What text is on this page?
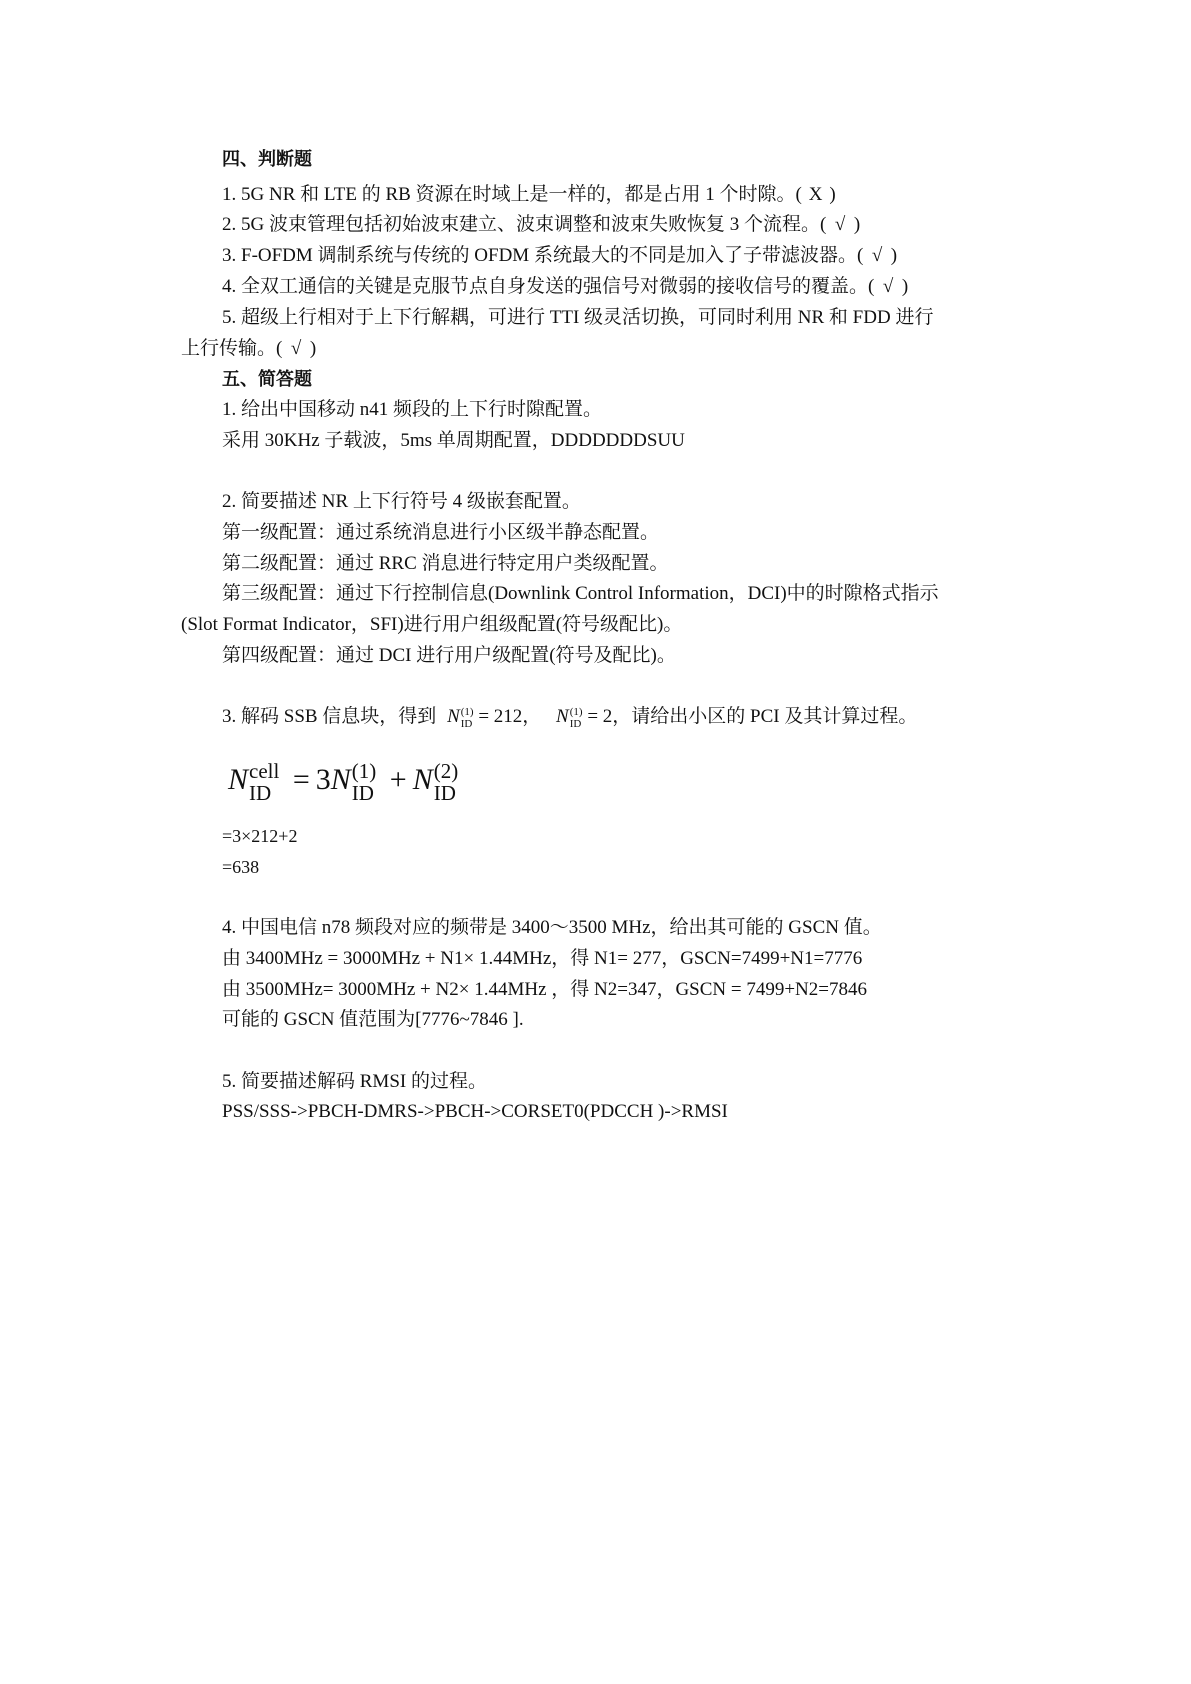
四、判断题
1. 5G NR 和 LTE 的 RB 资源在时域上是一样的，都是占用 1 个时隙。( X )
2. 5G 波束管理包括初始波束建立、波束调整和波束失败恢复 3 个流程。( √ )
3. F-OFDM 调制系统与传统的 OFDM 系统最大的不同是加入了子带滤波器。( √ )
4. 全双工通信的关键是克服节点自身发送的强信号对微弱的接收信号的覆盖。( √ )
5. 超级上行相对于上下行解耦，可进行 TTI 级灵活切换，可同时利用 NR 和 FDD 进行
上行传输。( √ )
五、简答题
1. 给出中国移动 n41 频段的上下行时隙配置。
采用 30KHz 子载波，5ms 单周期配置，DDDDDDDSUU
2. 简要描述 NR 上下行符号 4 级嵌套配置。
第一级配置：通过系统消息进行小区级半静态配置。
第二级配置：通过 RRC 消息进行特定用户类级配置。
第三级配置：通过下行控制信息(Downlink Control Information，DCI)中的时隙格式指示
(Slot Format Indicator，SFI)进行用户组级配置(符号级配比)。
第四级配置：通过 DCI 进行用户级配置(符号及配比)。
3. 解码 SSB 信息块，得到 N (1)
ID = 212， N (1)
ID = 2，请给出小区的 PCI 及其计算过程。
N cell
ID = 3N (1)
ID + N (2)
ID
=3×212+2
=638
4. 中国电信 n78 频段对应的频带是 3400～3500 MHz，给出其可能的 GSCN 值。
由 3400MHz = 3000MHz + N1× 1.44MHz，得 N1= 277，GSCN=7499+N1=7776
由 3500MHz= 3000MHz + N2× 1.44MHz ，得 N2=347，GSCN = 7499+N2=7846
可能的 GSCN 值范围为[7776~7846 ].
5. 简要描述解码 RMSI 的过程。
PSS/SSS->PBCH-DMRS->PBCH->CORSET0(PDCCH )->RMSI
